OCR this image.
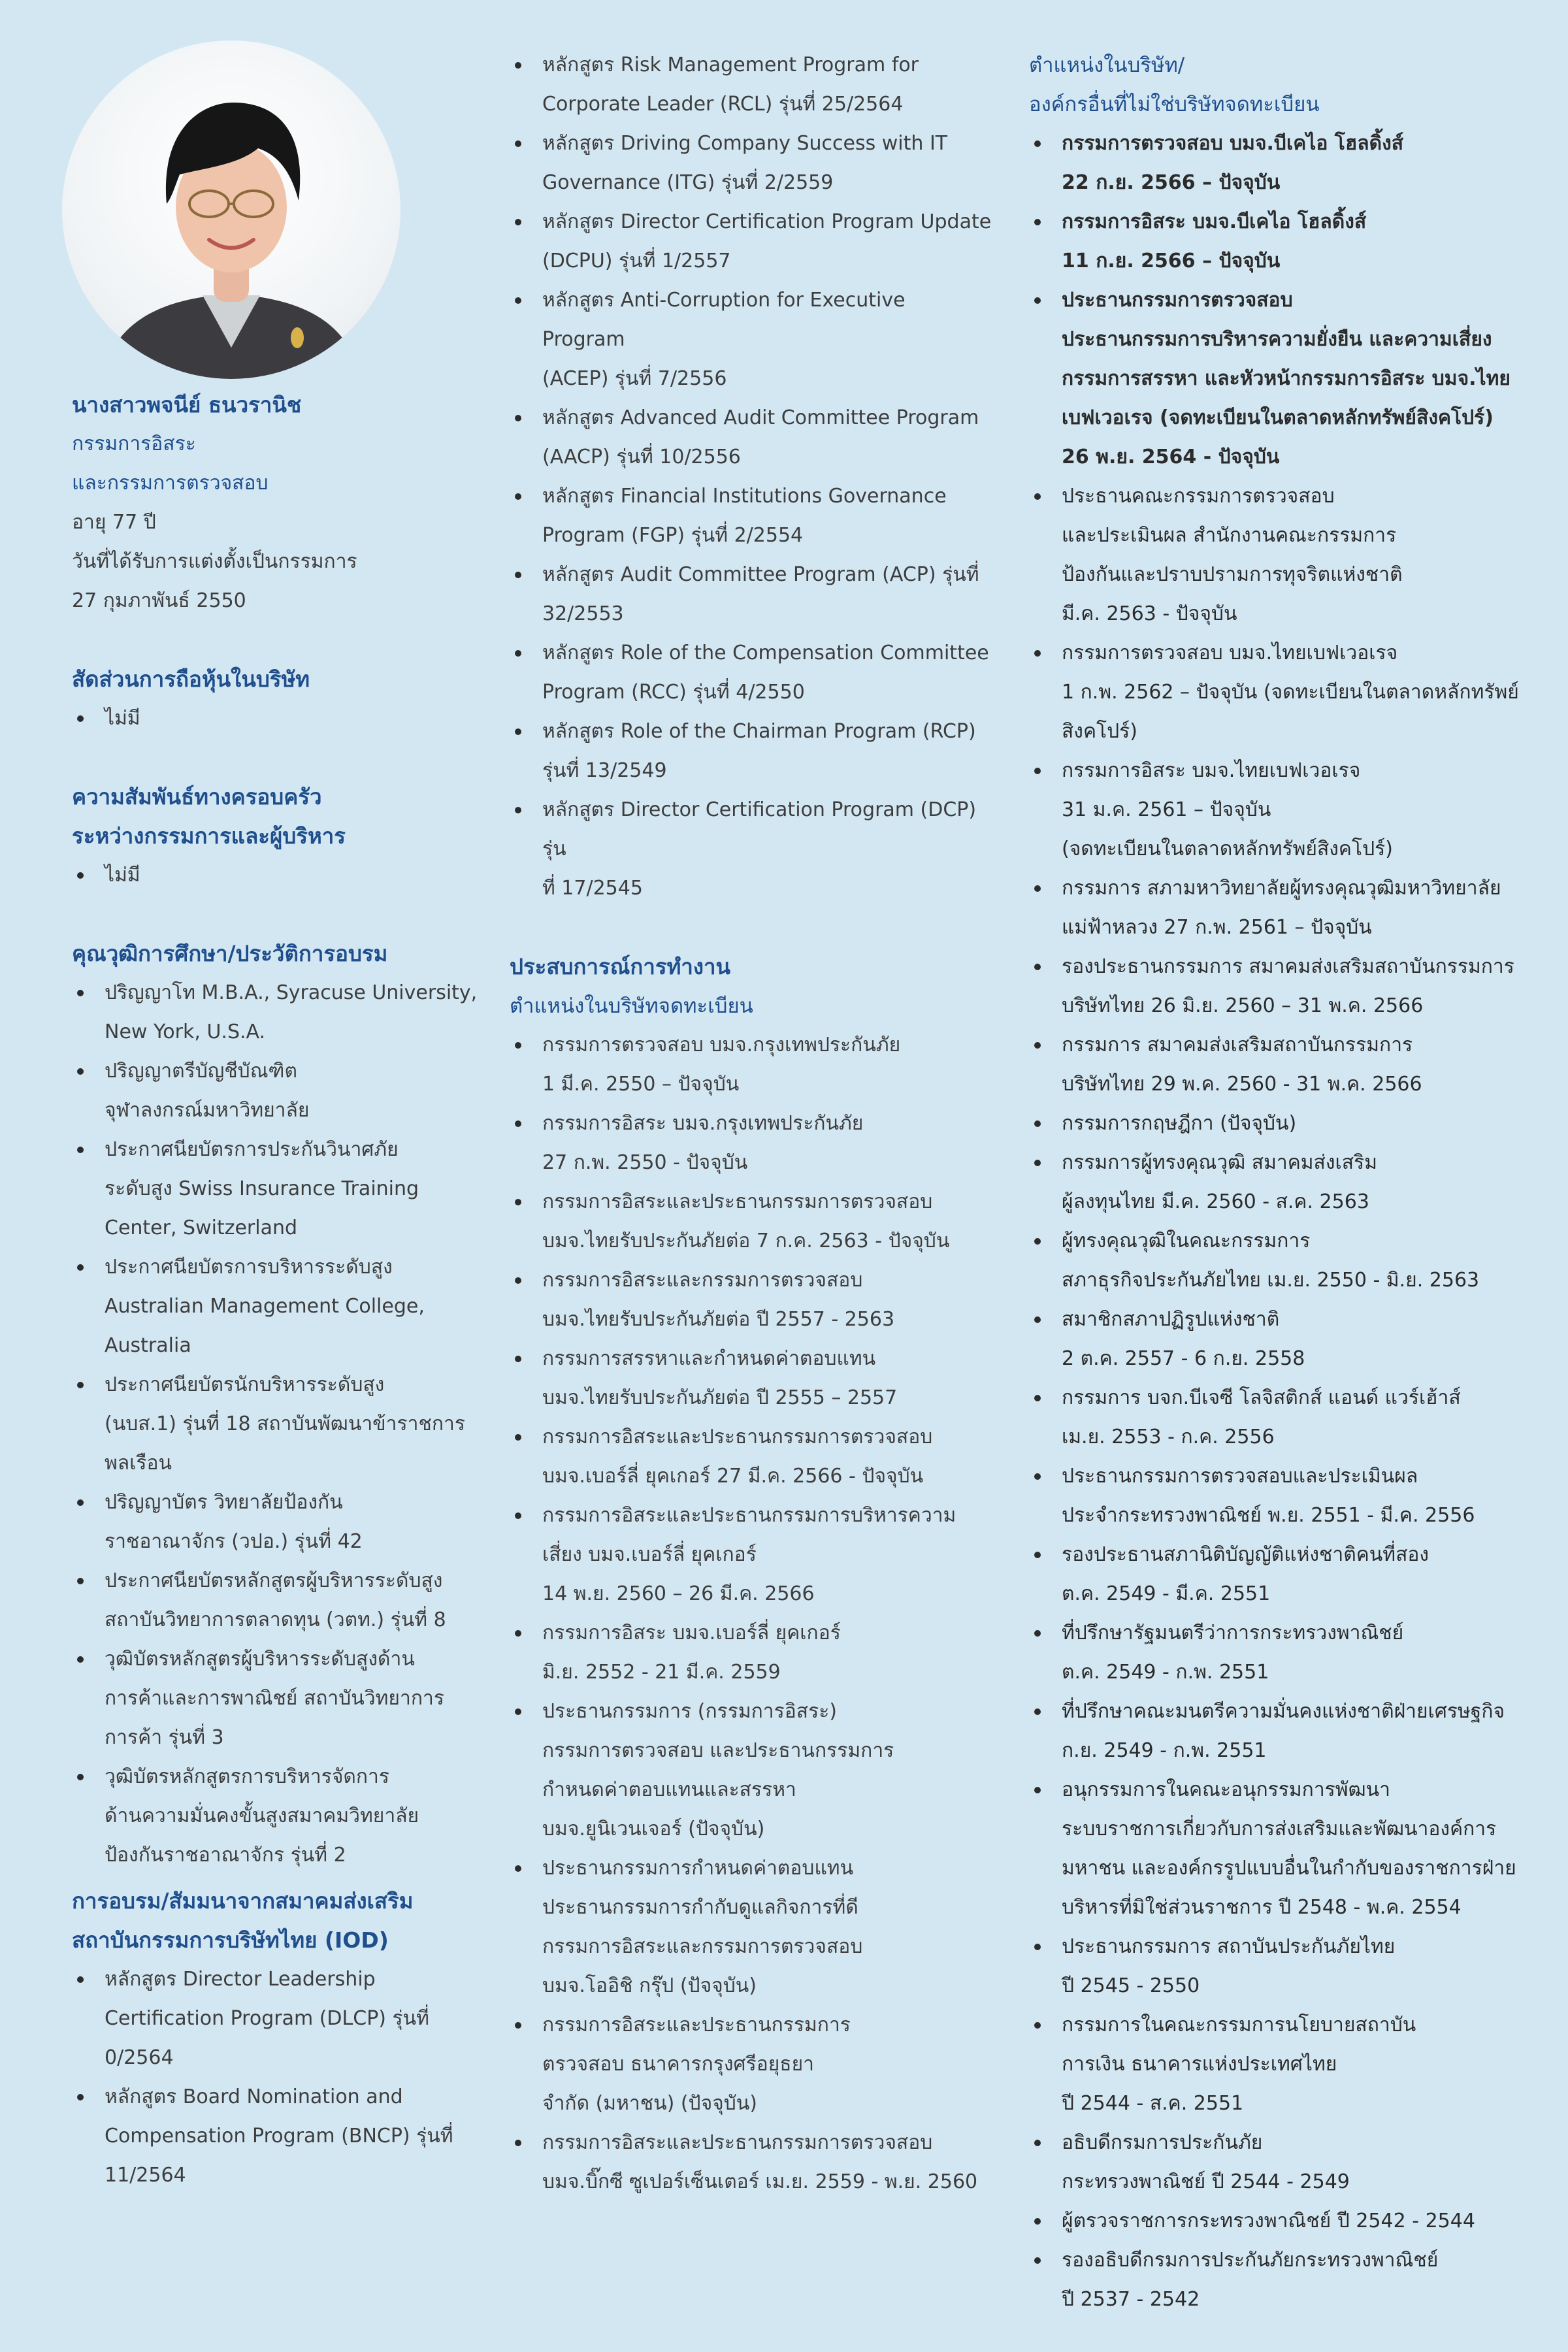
นางสาวพจนีย์ ธนวรานิช

กรรมการอิสระ

และกรรมการตรวจสอบ

อายุ 77 ปี

วันที่ได้รับการแต่งตั้งเป็นกรรมการ

27 กุมภาพันธ์ 2550

สัดส่วนการถือหุ้นในบริษัท

ไม่มี

ความสัมพันธ์ทางครอบครัว

ระหว่างกรรมการและผู้บริหาร

ไม่มี

คุณวุฒิการศึกษา/ประวัติการอบรม

ปริญญาโท M.B.A., Syracuse University,
New York, U.S.A.
ปริญญาตรีบัญชีบัณฑิต
จุฬาลงกรณ์มหาวิทยาลัย
ประกาศนียบัตรการประกันวินาศภัย
ระดับสูง Swiss Insurance Training
Center, Switzerland
ประกาศนียบัตรการบริหารระดับสูง
Australian Management College,
Australia
ประกาศนียบัตรนักบริหารระดับสูง
(นบส.1) รุ่นที่ 18 สถาบันพัฒนาข้าราชการ
พลเรือน
ปริญญาบัตร วิทยาลัยป้องกัน
ราชอาณาจักร (วปอ.) รุ่นที่ 42
ประกาศนียบัตรหลักสูตรผู้บริหารระดับสูง
สถาบันวิทยาการตลาดทุน (วตท.) รุ่นที่ 8
วุฒิบัตรหลักสูตรผู้บริหารระดับสูงด้าน
การค้าและการพาณิชย์ สถาบันวิทยาการ
การค้า รุ่นที่ 3
วุฒิบัตรหลักสูตรการบริหารจัดการ
ด้านความมั่นคงขั้นสูงสมาคมวิทยาลัย
ป้องกันราชอาณาจักร รุ่นที่ 2

การอบรม/สัมมนาจากสมาคมส่งเสริม

สถาบันกรรมการบริษัทไทย (IOD)

หลักสูตร Director Leadership
Certification Program (DLCP) รุ่นที่
0/2564
หลักสูตร Board Nomination and
Compensation Program (BNCP) รุ่นที่
11/2564
หลักสูตร Risk Management Program for
Corporate Leader (RCL) รุ่นที่ 25/2564
หลักสูตร Driving Company Success with IT
Governance (ITG) รุ่นที่ 2/2559
หลักสูตร Director Certification Program Update
(DCPU) รุ่นที่ 1/2557
หลักสูตร Anti-Corruption for Executive Program
(ACEP) รุ่นที่ 7/2556
หลักสูตร Advanced Audit Committee Program
(AACP) รุ่นที่ 10/2556
หลักสูตร Financial Institutions Governance
Program (FGP) รุ่นที่ 2/2554
หลักสูตร Audit Committee Program (ACP) รุ่นที่
32/2553
หลักสูตร Role of the Compensation Committee
Program (RCC) รุ่นที่ 4/2550
หลักสูตร Role of the Chairman Program (RCP)
รุ่นที่ 13/2549
หลักสูตร Director Certification Program (DCP) รุ่น
ที่ 17/2545

ประสบการณ์การทำงาน

ตำแหน่งในบริษัทจดทะเบียน

กรรมการตรวจสอบ บมจ.กรุงเทพประกันภัย
1 มี.ค. 2550 – ปัจจุบัน
กรรมการอิสระ บมจ.กรุงเทพประกันภัย
27 ก.พ. 2550 - ปัจจุบัน
กรรมการอิสระและประธานกรรมการตรวจสอบ
บมจ.ไทยรับประกันภัยต่อ 7 ก.ค. 2563 - ปัจจุบัน
กรรมการอิสระและกรรมการตรวจสอบ
บมจ.ไทยรับประกันภัยต่อ ปี 2557 - 2563
กรรมการสรรหาและกำหนดค่าตอบแทน
บมจ.ไทยรับประกันภัยต่อ ปี 2555 – 2557
กรรมการอิสระและประธานกรรมการตรวจสอบ
บมจ.เบอร์ลี่ ยุคเกอร์ 27 มี.ค. 2566 - ปัจจุบัน
กรรมการอิสระและประธานกรรมการบริหารความ
เสี่ยง บมจ.เบอร์ลี่ ยุคเกอร์
14 พ.ย. 2560 – 26 มี.ค. 2566
กรรมการอิสระ บมจ.เบอร์ลี่ ยุคเกอร์
มิ.ย. 2552 - 21 มี.ค. 2559
ประธานกรรมการ (กรรมการอิสระ)
กรรมการตรวจสอบ และประธานกรรมการ
กำหนดค่าตอบแทนและสรรหา
บมจ.ยูนิเวนเจอร์ (ปัจจุบัน)
ประธานกรรมการกำหนดค่าตอบแทน
ประธานกรรมการกำกับดูแลกิจการที่ดี
กรรมการอิสระและกรรมการตรวจสอบ
บมจ.โออิชิ กรุ๊ป (ปัจจุบัน)
กรรมการอิสระและประธานกรรมการ
ตรวจสอบ ธนาคารกรุงศรีอยุธยา
จำกัด (มหาชน) (ปัจจุบัน)
กรรมการอิสระและประธานกรรมการตรวจสอบ
บมจ.บิ๊กซี ซูเปอร์เซ็นเตอร์ เม.ย. 2559 - พ.ย. 2560

ตำแหน่งในบริษัท/

องค์กรอื่นที่ไม่ใช่บริษัทจดทะเบียน

กรรมการตรวจสอบ บมจ.บีเคไอ โฮลดิ้งส์
22 ก.ย. 2566 – ปัจจุบัน
กรรมการอิสระ บมจ.บีเคไอ โฮลดิ้งส์
11 ก.ย. 2566 – ปัจจุบัน
ประธานกรรมการตรวจสอบ
ประธานกรรมการบริหารความยั่งยืน และความเสี่ยง
กรรมการสรรหา และหัวหน้ากรรมการอิสระ บมจ.ไทย
เบฟเวอเรจ (จดทะเบียนในตลาดหลักทรัพย์สิงคโปร์)
26 พ.ย. 2564 - ปัจจุบัน
ประธานคณะกรรมการตรวจสอบ
และประเมินผล สำนักงานคณะกรรมการ
ป้องกันและปราบปรามการทุจริตแห่งชาติ
มี.ค. 2563 - ปัจจุบัน
กรรมการตรวจสอบ บมจ.ไทยเบฟเวอเรจ
1 ก.พ. 2562 – ปัจจุบัน (จดทะเบียนในตลาดหลักทรัพย์
สิงคโปร์)
กรรมการอิสระ บมจ.ไทยเบฟเวอเรจ
31 ม.ค. 2561 – ปัจจุบัน
(จดทะเบียนในตลาดหลักทรัพย์สิงคโปร์)
กรรมการ สภามหาวิทยาลัยผู้ทรงคุณวุฒิมหาวิทยาลัย
แม่ฟ้าหลวง 27 ก.พ. 2561 – ปัจจุบัน
รองประธานกรรมการ สมาคมส่งเสริมสถาบันกรรมการ
บริษัทไทย 26 มิ.ย. 2560 – 31 พ.ค. 2566
กรรมการ สมาคมส่งเสริมสถาบันกรรมการ
บริษัทไทย 29 พ.ค. 2560 - 31 พ.ค. 2566
กรรมการกฤษฎีกา (ปัจจุบัน)
กรรมการผู้ทรงคุณวุฒิ สมาคมส่งเสริม
ผู้ลงทุนไทย มี.ค. 2560 - ส.ค. 2563
ผู้ทรงคุณวุฒิในคณะกรรมการ
สภาธุรกิจประกันภัยไทย เม.ย. 2550 - มิ.ย. 2563
สมาชิกสภาปฏิรูปแห่งชาติ
2 ต.ค. 2557 - 6 ก.ย. 2558
กรรมการ บจก.บีเจซี โลจิสติกส์ แอนด์ แวร์เฮ้าส์
เม.ย. 2553 - ก.ค. 2556
ประธานกรรมการตรวจสอบและประเมินผล
ประจำกระทรวงพาณิชย์ พ.ย. 2551 - มี.ค. 2556
รองประธานสภานิติบัญญัติแห่งชาติคนที่สอง
ต.ค. 2549 - มี.ค. 2551
ที่ปรึกษารัฐมนตรีว่าการกระทรวงพาณิชย์
ต.ค. 2549 - ก.พ. 2551
ที่ปรึกษาคณะมนตรีความมั่นคงแห่งชาติฝ่ายเศรษฐกิจ
ก.ย. 2549 - ก.พ. 2551
อนุกรรมการในคณะอนุกรรมการพัฒนา
ระบบราชการเกี่ยวกับการส่งเสริมและพัฒนาองค์การ
มหาชน และองค์กรรูปแบบอื่นในกำกับของราชการฝ่าย
บริหารที่มิใช่ส่วนราชการ ปี 2548 - พ.ค. 2554
ประธานกรรมการ สถาบันประกันภัยไทย
ปี 2545 - 2550
กรรมการในคณะกรรมการนโยบายสถาบัน
การเงิน ธนาคารแห่งประเทศไทย
ปี 2544 - ส.ค. 2551
อธิบดีกรมการประกันภัย
กระทรวงพาณิชย์ ปี 2544 - 2549
ผู้ตรวจราชการกระทรวงพาณิชย์ ปี 2542 - 2544
รองอธิบดีกรมการประกันภัยกระทรวงพาณิชย์
ปี 2537 - 2542
